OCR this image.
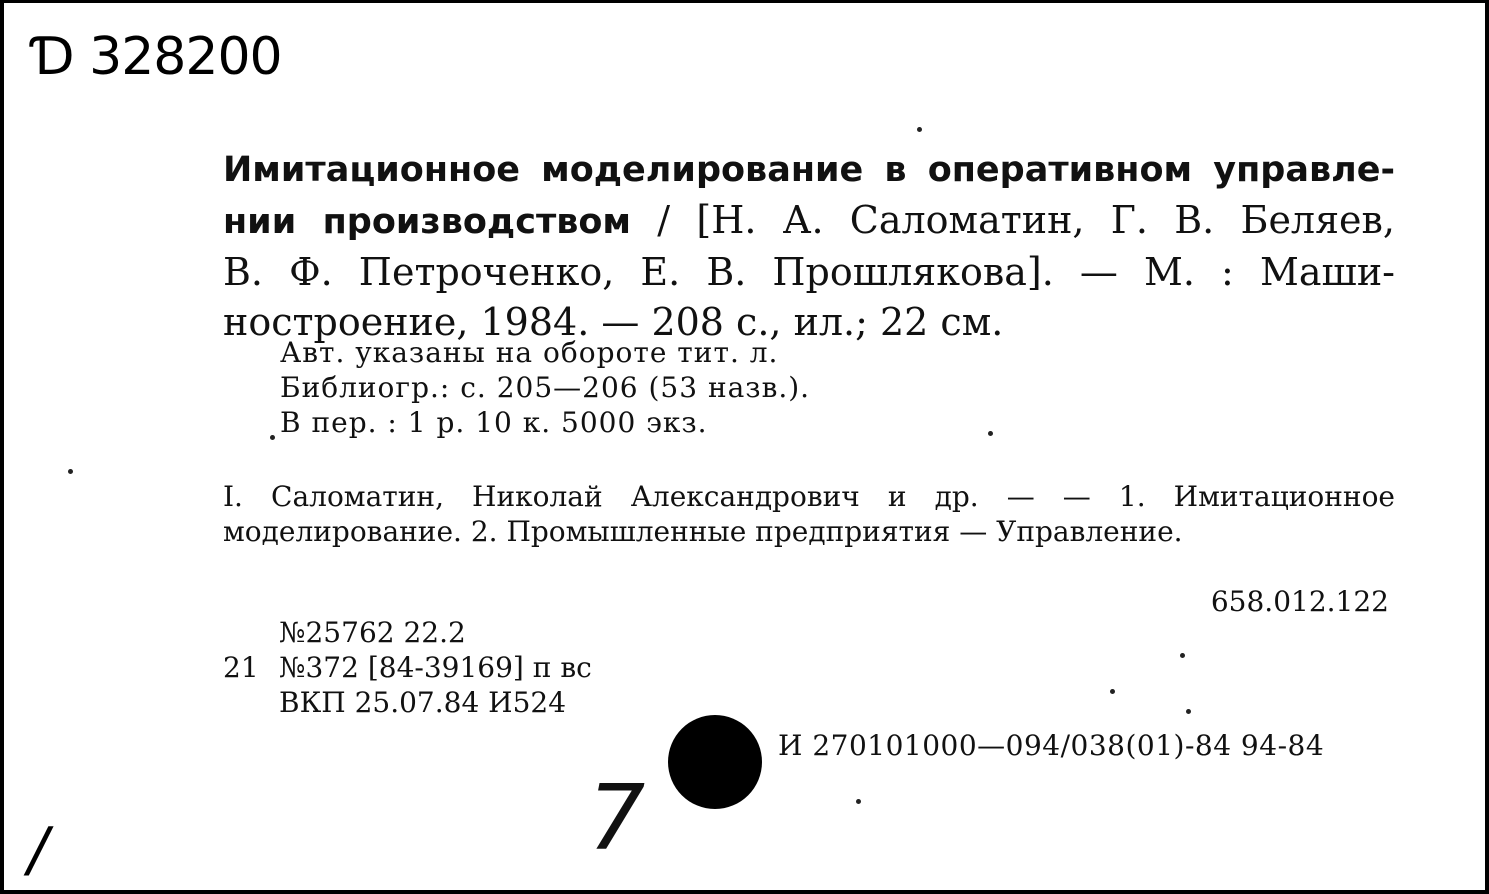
Ɗ 328200
Имитационное моделирование в оперативном управле-
нии производством / [Н. А. Саломатин, Г. В. Беляев,
В. Ф. Петроченко, Е. В. Прошлякова]. — М. : Маши-
ностроение, 1984. — 208 с., ил.; 22 см.
Авт. указаны на обороте тит. л.
Библиогр.: с. 205—206 (53 назв.).
В пер. : 1 р. 10 к. 5000 экз.
I. Саломатин, Николай Александрович и др. — — 1. Имитационное
моделирование. 2. Промышленные предприятия — Управление.
658.012.122
№25762 22.2
21 №372 [84-39169] п вс
ВКП 25.07.84 И524
И 270101000—094/038(01)-84 94-84
7
/
